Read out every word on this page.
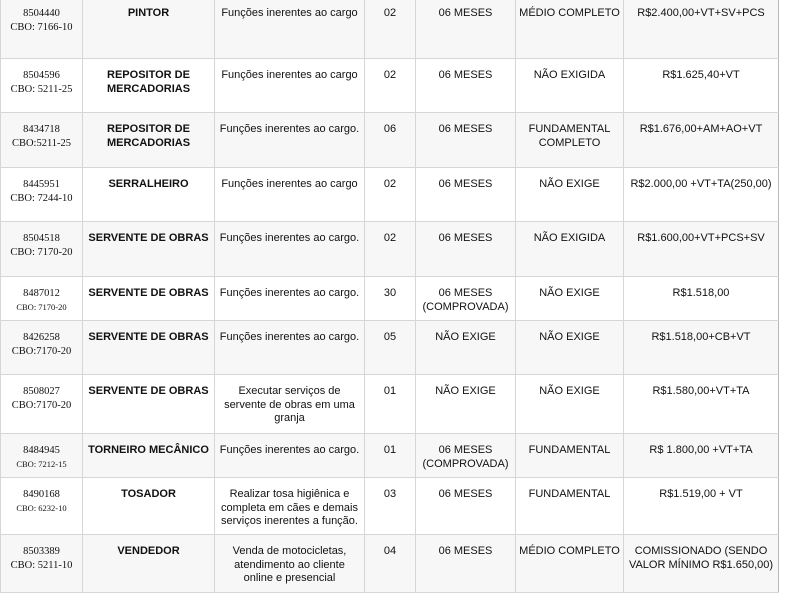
8504440
CBO: 7166-10	PINTOR	Funções inerentes ao cargo	02	06 MESES	MÉDIO COMPLETO	R$2.400,00+VT+SV+PCS
8504596
CBO: 5211-25	REPOSITOR DE MERCADORIAS	Funções inerentes ao cargo	02	06 MESES	NÃO EXIGIDA	R$1.625,40+VT
8434718
CBO:5211-25	REPOSITOR DE MERCADORIAS	Funções inerentes ao cargo.	06	06 MESES	FUNDAMENTAL COMPLETO	R$1.676,00+AM+AO+VT
8445951
CBO: 7244-10	SERRALHEIRO	Funções inerentes ao cargo	02	06 MESES	NÃO EXIGE	R$2.000,00 +VT+TA(250,00)
8504518
CBO: 7170-20	SERVENTE DE OBRAS	Funções inerentes ao cargo.	02	06 MESES	NÃO EXIGIDA	R$1.600,00+VT+PCS+SV
8487012
CBO: 7170-20	SERVENTE DE OBRAS	Funções inerentes ao cargo.	30	06 MESES (COMPROVADA)	NÃO EXIGE	R$1.518,00
8426258
CBO:7170-20	SERVENTE DE OBRAS	Funções inerentes ao cargo.	05	NÃO EXIGE	NÃO EXIGE	R$1.518,00+CB+VT
8508027
CBO:7170-20	SERVENTE DE OBRAS	Executar serviços de servente de obras em uma granja	01	NÃO EXIGE	NÃO EXIGE	R$1.580,00+VT+TA
8484945
CBO: 7212-15	TORNEIRO MECÂNICO	Funções inerentes ao cargo.	01	06 MESES (COMPROVADA)	FUNDAMENTAL	R$ 1.800,00 +VT+TA
8490168
CBO: 6232-10	TOSADOR	Realizar tosa higiênica e completa em cães e demais serviços inerentes a função.	03	06 MESES	FUNDAMENTAL	R$1.519,00 + VT
8503389
CBO: 5211-10	VENDEDOR	Venda de motocicletas, atendimento ao cliente online e presencial	04	06 MESES	MÉDIO COMPLETO	COMISSIONADO (SENDO VALOR MÍNIMO R$1.650,00)
